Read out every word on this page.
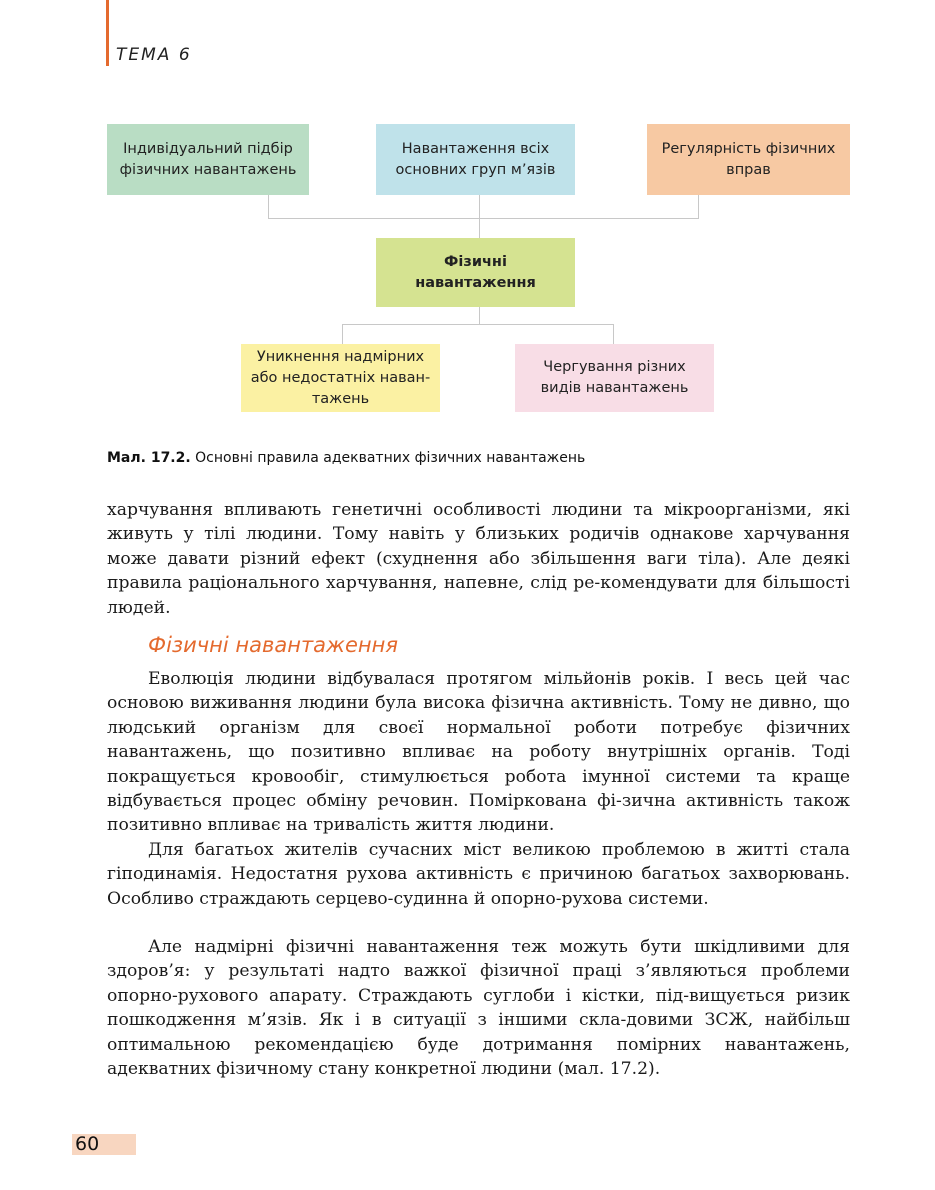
ТЕМА 6
Індивідуальний підбір фізичних навантажень
Навантаження всіх основних груп м’язів
Регулярність фізичних вправ
Фізичні навантаження
Уникнення надмірних або недостатніх наван-тажень
Чергування різних видів навантажень
Мал. 17.2. Основні правила адекватних фізичних навантажень

харчування впливають генетичні особливості людини та мікроорганізми, які живуть у тілі людини. Тому навіть у близьких родичів однакове харчування може давати різний ефект (схуднення або збільшення ваги тіла). Але деякі правила раціонального харчування, напевне, слід ре-комендувати для більшості людей.

Фізичні навантаження

Еволюція людини відбувалася протягом мільйонів років. І весь цей час основою виживання людини була висока фізична активність. Тому не дивно, що людський організм для своєї нормальної роботи потребує фізичних навантажень, що позитивно впливає на роботу внутрішніх органів. Тоді покращується кровообіг, стимулюється робота імунної системи та краще відбувається процес обміну речовин. Поміркована фі-зична активність також позитивно впливає на тривалість життя людини.

Для багатьох жителів сучасних міст великою проблемою в житті стала гіподинамія. Недостатня рухова активність є причиною багатьох захворювань. Особливо страждають серцево-судинна й опорно-рухова системи.

Але надмірні фізичні навантаження теж можуть бути шкідливими для здоров’я: у результаті надто важкої фізичної праці з’являються проблеми опорно-рухового апарату. Страждають суглоби і кістки, під-вищується ризик пошкодження м’язів. Як і в ситуації з іншими скла-довими ЗСЖ, найбільш оптимальною рекомендацією буде дотримання помірних навантажень, адекватних фізичному стану конкретної людини (мал. 17.2).

60
